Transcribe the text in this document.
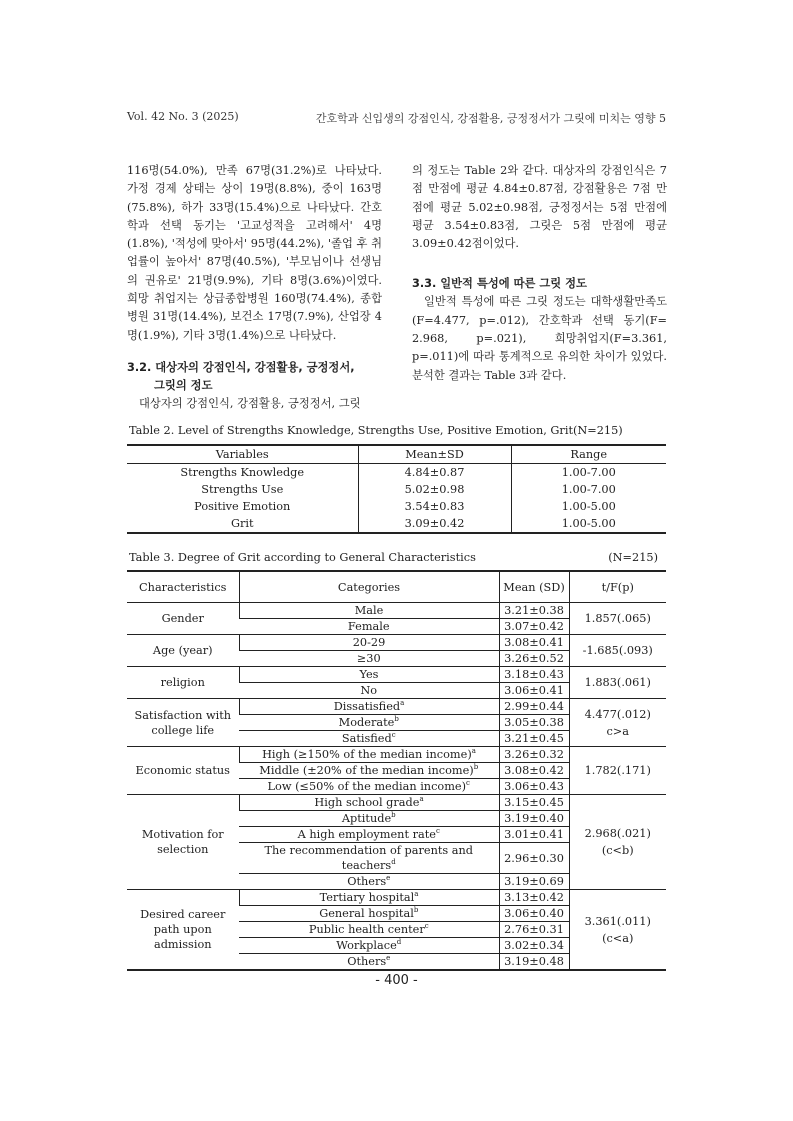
Vol. 42 No. 3 (2025)	간호학과 신입생의 강점인식, 강점활용, 긍정정서가 그릿에 미치는 영향 5

116명(54.0%), 만족 67명(31.2%)로 나타났다. 가정 경제 상태는 상이 19명(8.8%), 중이 163명(75.8%), 하가 33명(15.4%)으로 나타났다. 간호학과 선택 동기는 '고교성적을 고려해서' 4명(1.8%), '적성에 맞아서' 95명(44.2%), '졸업 후 취업률이 높아서' 87명(40.5%), '부모님이나 선생님의 권유로' 21명(9.9%), 기타 8명(3.6%)이였다. 희망 취업지는 상급종합병원 160명(74.4%), 종합병원 31명(14.4%), 보건소 17명(7.9%), 산업장 4명(1.9%), 기타 3명(1.4%)으로 나타났다.

3.2. 대상자의 강점인식, 강점활용, 긍정정서,
그릿의 정도

대상자의 강점인식, 강점활용, 긍정정서, 그릿

의 정도는 Table 2와 같다. 대상자의 강점인식은 7점 만점에 평균 4.84±0.87점, 강점활용은 7점 만점에 평균 5.02±0.98점, 긍정정서는 5점 만점에 평균 3.54±0.83점, 그릿은 5점 만점에 평균 3.09±0.42점이었다.

3.3. 일반적 특성에 따른 그릿 정도

일반적 특성에 따른 그릿 정도는 대학생활만족도(F=4.477, p=.012), 간호학과 선택 동기(F= 2.968, p=.021), 희망취업지(F=3.361, p=.011)에 따라 통계적으로 유의한 차이가 있었다. 분석한 결과는 Table 3과 같다.

Table 2. Level of Strengths Knowledge, Strengths Use, Positive Emotion, Grit(N=215)
Variables	Mean±SD	Range
Strengths Knowledge	4.84±0.87	1.00-7.00
Strengths Use	5.02±0.98	1.00-7.00
Positive Emotion	3.54±0.83	1.00-5.00
Grit	3.09±0.42	1.00-5.00
Table 3. Degree of Grit according to General Characteristics	(N=215)
Characteristics	Categories	Mean (SD)	t/F(p)
Gender	Male	3.21±0.38	1.857(.065)

	Female	3.07±0.42	
Age (year)	20-29	3.08±0.41	-1.685(.093)

	≥30	3.26±0.52	
religion	Yes	3.18±0.43	1.883(.061)

	No	3.06±0.41	
Satisfaction with college life	Dissatisfied$^a$	2.99±0.44	4.477(.012)
c>a

	Moderate$^b$	3.05±0.38	
	Satisfied$^c$	3.21±0.45	
Economic status	High (≥150% of the median income)$^a$	3.26±0.32	1.782(.171)

	Middle (±20% of the median income)$^b$	3.08±0.42	
	Low (≤50% of the median income)$^c$	3.06±0.43	
Motivation for selection	High school grade$^a$	3.15±0.45	2.968(.021)
(c<b)

	Aptitude$^b$	3.19±0.40	
	A high employment rate$^c$	3.01±0.41	
	The recommendation of parents and teachers$^d$	2.96±0.30	
	Others$^e$	3.19±0.69	
Desired career path upon admission	Tertiary hospital$^a$	3.13±0.42	3.361(.011)
(c<a)

	General hospital$^b$	3.06±0.40	
	Public health center$^c$	2.76±0.31	
	Workplace$^d$	3.02±0.34	
	Others$^e$	3.19±0.48	
- 400 -
